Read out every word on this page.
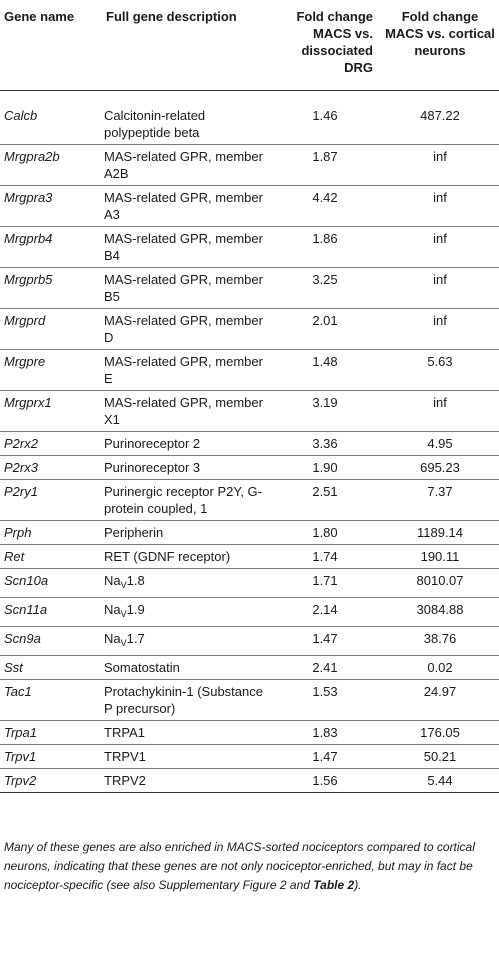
Gene name	Full gene description	Fold change MACS vs. dissociated DRG	Fold change MACS vs. cortical neurons
Calcb	Calcitonin-related polypeptide beta	1.46	487.22
Mrgpra2b	MAS-related GPR, member A2B	1.87	inf
Mrgpra3	MAS-related GPR, member A3	4.42	inf
Mrgprb4	MAS-related GPR, member B4	1.86	inf
Mrgprb5	MAS-related GPR, member B5	3.25	inf
Mrgprd	MAS-related GPR, member D	2.01	inf
Mrgpre	MAS-related GPR, member E	1.48	5.63
Mrgprx1	MAS-related GPR, member X1	3.19	inf
P2rx2	Purinoreceptor 2	3.36	4.95
P2rx3	Purinoreceptor 3	1.90	695.23
P2ry1	Purinergic receptor P2Y, G-protein coupled, 1	2.51	7.37
Prph	Peripherin	1.80	1189.14
Ret	RET (GDNF receptor)	1.74	190.11
Scn10a	$Na_V1.8$	1.71	8010.07
Scn11a	$Na_V1.9$	2.14	3084.88
Scn9a	$Na_V1.7$	1.47	38.76
Sst	Somatostatin	2.41	0.02
Tac1	Protachykinin-1 (Substance P precursor)	1.53	24.97
Trpa1	TRPA1	1.83	176.05
Trpv1	TRPV1	1.47	50.21
Trpv2	TRPV2	1.56	5.44
Many of these genes are also enriched in MACS-sorted nociceptors compared to cortical neurons, indicating that these genes are not only nociceptor-enriched, but may in fact be nociceptor-specific (see also Supplementary Figure 2 and Table 2).
